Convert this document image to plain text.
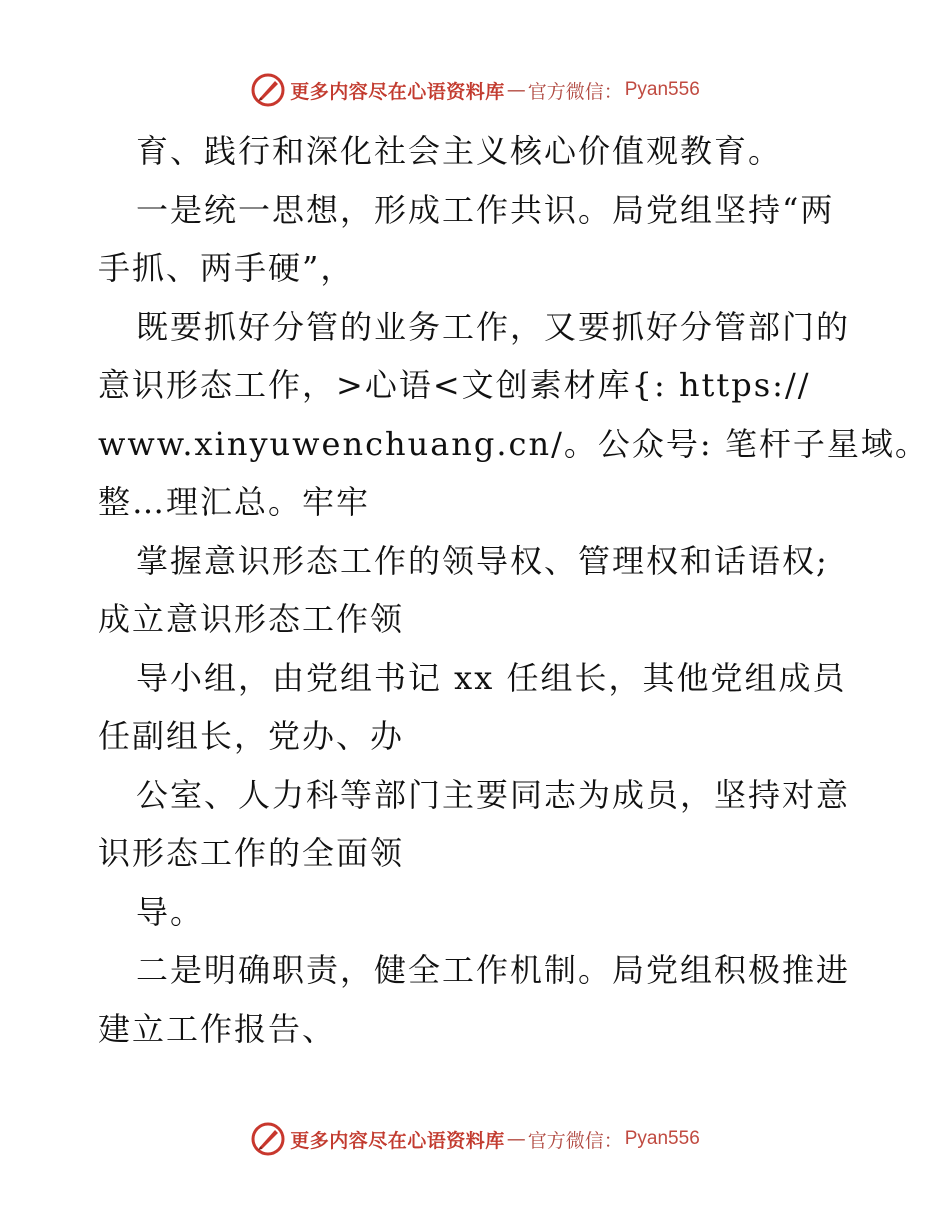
更多内容尽在心语资料库 — 官方微信： Pyan556
育、践行和深化社会主义核心价值观教育。
一是统一思想，形成工作共识。局党组坚持“两
手抓、两手硬”，
既要抓好分管的业务工作，又要抓好分管部门的
意识形态工作，>心语<文创素材库{: https://
www.xinyuwenchuang.cn/。公众号: 笔杆子星域。
整…理汇总。牢牢
掌握意识形态工作的领导权、管理权和话语权;
成立意识形态工作领
导小组，由党组书记 xx 任组长，其他党组成员
任副组长，党办、办
公室、人力科等部门主要同志为成员，坚持对意
识形态工作的全面领
导。
二是明确职责，健全工作机制。局党组积极推进
建立工作报告、
更多内容尽在心语资料库 — 官方微信： Pyan556
